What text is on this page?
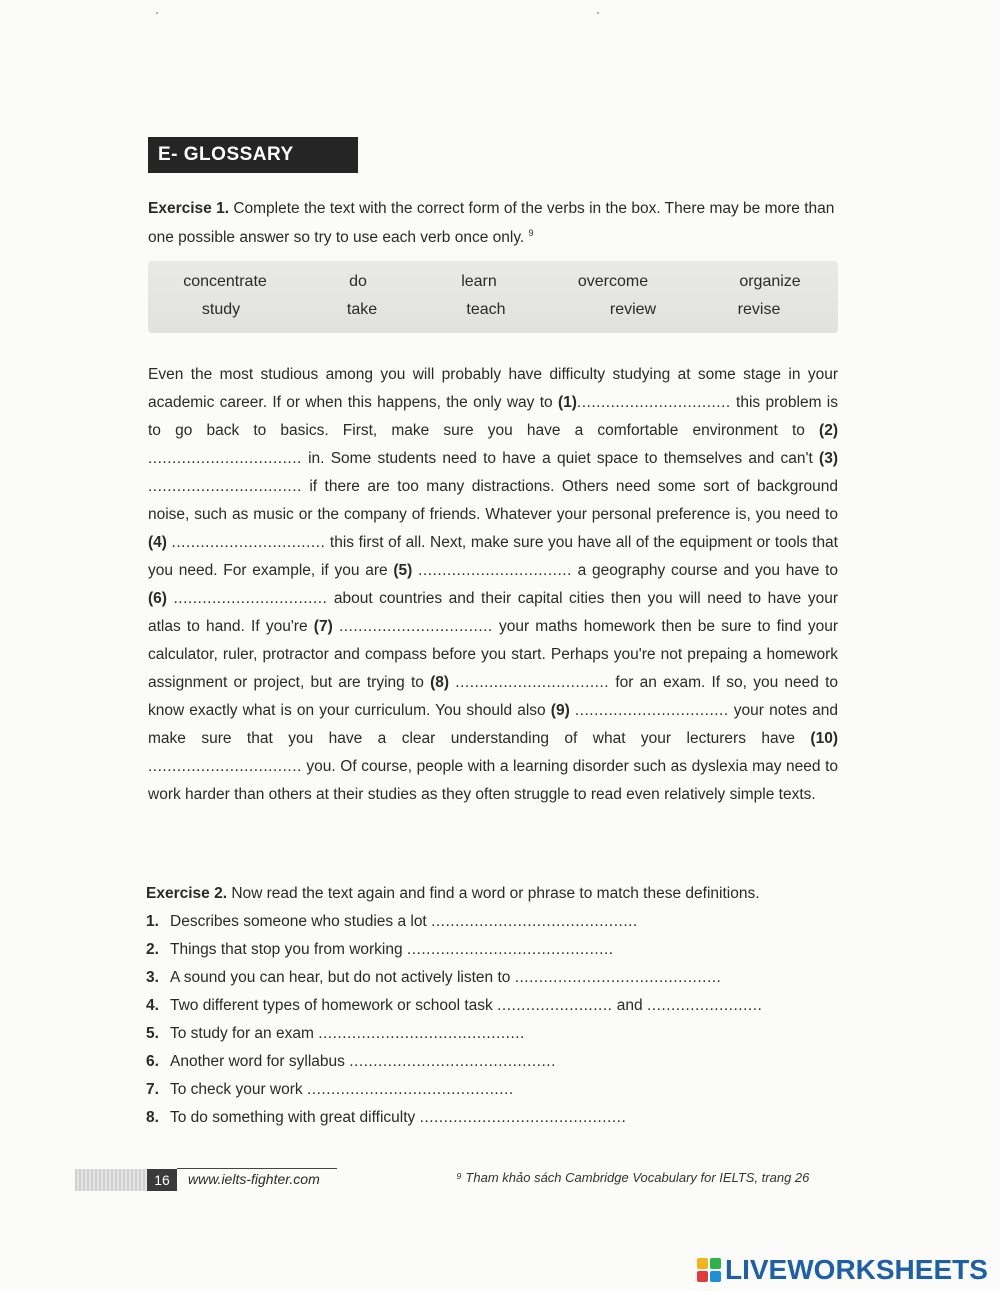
E- GLOSSARY
Exercise 1. Complete the text with the correct form of the verbs in the box. There may be more than one possible answer so try to use each verb once only. $^9$
concentrate	do	learn	overcome	organize
study	take	teach	review	revise
Even the most studious among you will probably have difficulty studying at some stage in your academic career. If or when this happens, the only way to (1)................................ this problem is to go back to basics. First, make sure you have a comfortable environment to (2) ................................ in. Some students need to have a quiet space to themselves and can't (3) ................................ if there are too many distractions. Others need some sort of background noise, such as music or the company of friends. Whatever your personal preference is, you need to (4) ................................ this first of all. Next, make sure you have all of the equipment or tools that you need. For example, if you are (5) ................................ a geography course and you have to (6) ................................ about countries and their capital cities then you will need to have your atlas to hand. If you're (7) ................................ your maths homework then be sure to find your calculator, ruler, protractor and compass before you start. Perhaps you're not prepaing a homework assignment or project, but are trying to (8) ................................ for an exam. If so, you need to know exactly what is on your curriculum. You should also (9) ................................ your notes and make sure that you have a clear understanding of what your lecturers have (10) ................................ you. Of course, people with a learning disorder such as dyslexia may need to work harder than others at their studies as they often struggle to read even relatively simple texts.
Exercise 2. Now read the text again and find a word or phrase to match these definitions.
1. Describes someone who studies a lot ...........................................
2. Things that stop you from working ...........................................
3. A sound you can hear, but do not actively listen to ...........................................
4. Two different types of homework or school task ........................ and ........................
5. To study for an exam ...........................................
6. Another word for syllabus ...........................................
7. To check your work ...........................................
8. To do something with great difficulty ...........................................
16	www.ielts-fighter.com	⁹ Tham khảo sách Cambridge Vocabulary for IELTS, trang 26
LIVEWORKSHEETS
